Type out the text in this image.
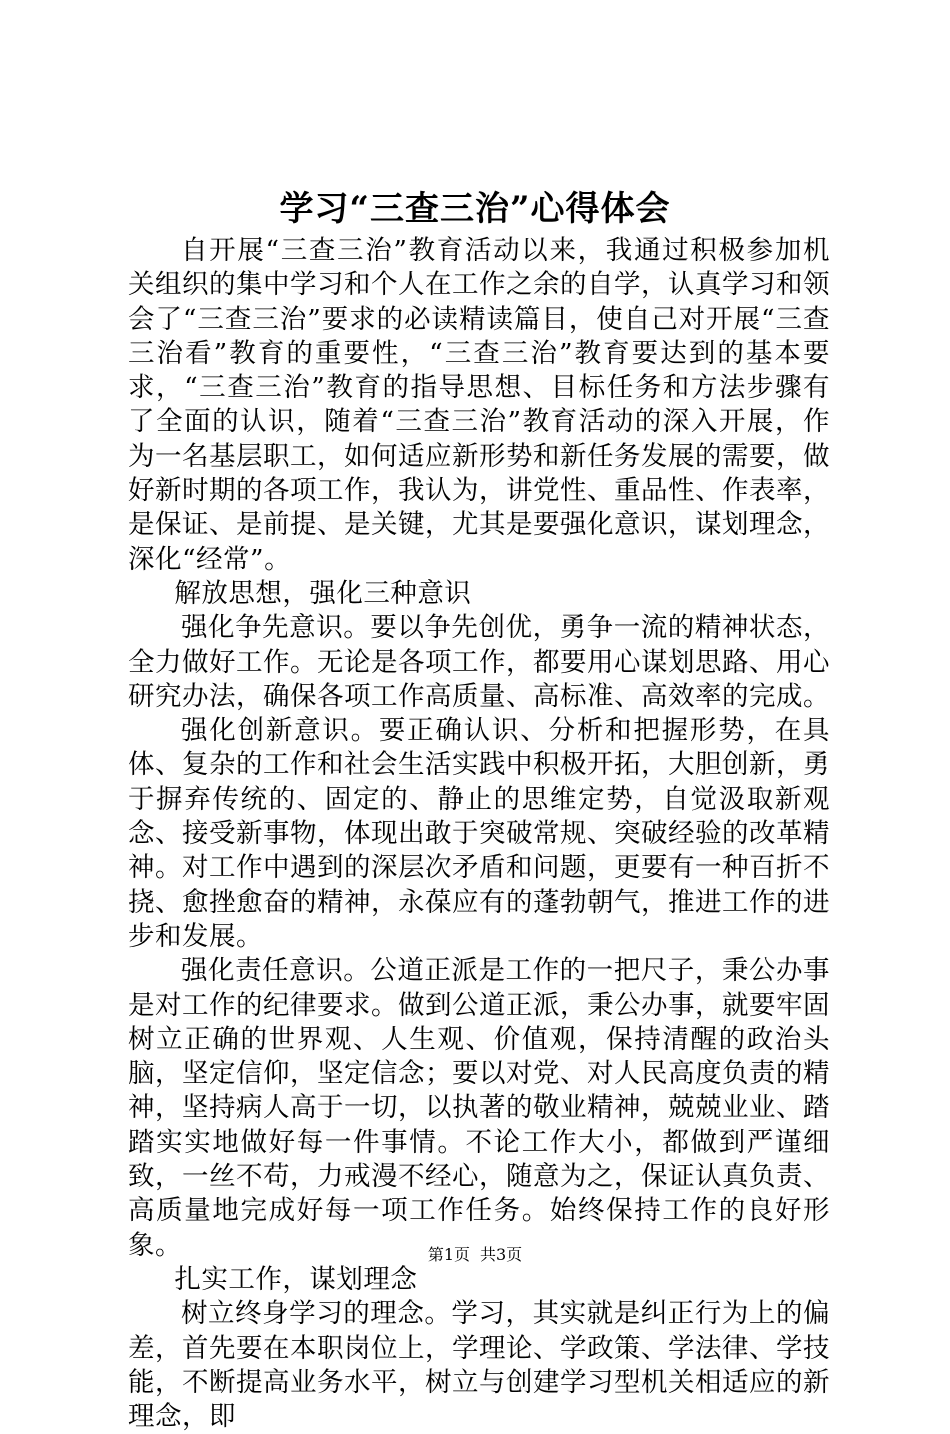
学习“三查三治”心得体会

自开展“三查三治”教育活动以来，我通过积极参加机关组织的集中学习和个人在工作之余的自学，认真学习和领会了“三查三治”要求的必读精读篇目，使自己对开展“三查三治看”教育的重要性，“三查三治”教育要达到的基本要求，“三查三治”教育的指导思想、目标任务和方法步骤有了全面的认识，随着“三查三治”教育活动的深入开展，作为一名基层职工，如何适应新形势和新任务发展的需要，做好新时期的各项工作，我认为，讲党性、重品性、作表率，是保证、是前提、是关键，尤其是要强化意识，谋划理念，深化“经常”。

解放思想，强化三种意识

强化争先意识。要以争先创优，勇争一流的精神状态，全力做好工作。无论是各项工作，都要用心谋划思路、用心研究办法，确保各项工作高质量、高标准、高效率的完成。

强化创新意识。要正确认识、分析和把握形势，在具体、复杂的工作和社会生活实践中积极开拓，大胆创新，勇于摒弃传统的、固定的、静止的思维定势，自觉汲取新观念、接受新事物，体现出敢于突破常规、突破经验的改革精神。对工作中遇到的深层次矛盾和问题，更要有一种百折不挠、愈挫愈奋的精神，永葆应有的蓬勃朝气，推进工作的进步和发展。

强化责任意识。公道正派是工作的一把尺子，秉公办事是对工作的纪律要求。做到公道正派，秉公办事，就要牢固树立正确的世界观、人生观、价值观，保持清醒的政治头脑，坚定信仰，坚定信念；要以对党、对人民高度负责的精神，坚持病人高于一切，以执著的敬业精神，兢兢业业、踏踏实实地做好每一件事情。不论工作大小，都做到严谨细致，一丝不苟，力戒漫不经心，随意为之，保证认真负责、高质量地完成好每一项工作任务。始终保持工作的良好形象。

扎实工作，谋划理念

树立终身学习的理念。学习，其实就是纠正行为上的偏差，首先要在本职岗位上，学理论、学政策、学法律、学技能，不断提高业务水平，树立与创建学习型机关相适应的新理念，即

第1页 共3页
